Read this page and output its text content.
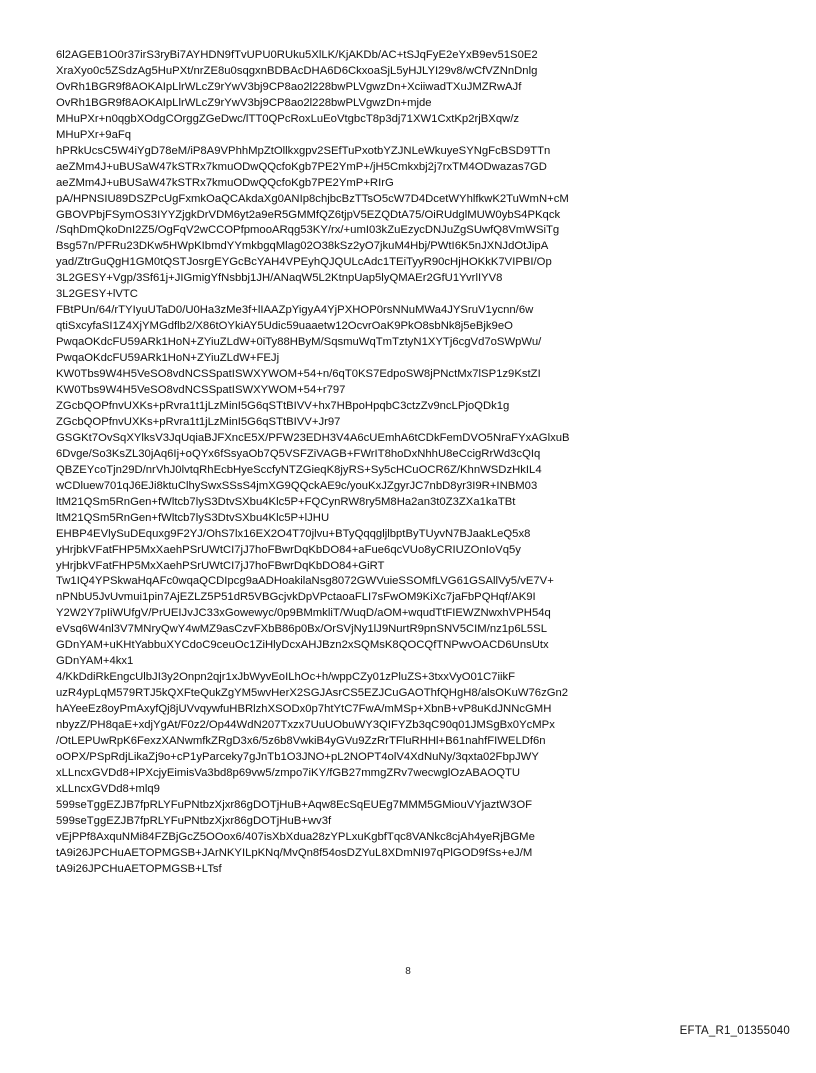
6l2AGEB1O0r37irS3ryBi7AYHDN9fTvUPU0RUku5XlLK/KjAKDb/AC+tSJqFyE2eYxB9ev51S0E2
XraXyo0c5ZSdzAg5HuPXt/nrZE8u0sqgxnBDBAcDHA6D6CkxoaSjL5yHJLYI29v8/wCfVZNnDnlg
OvRh1BGR9f8AOKAIpLlrWLcZ9rYwV3bj9CP8ao2l228bwPLVgwzDn+XciiwadTXuJMZRwAJf
OvRh1BGR9f8AOKAIpLlrWLcZ9rYwV3bj9CP8ao2l228bwPLVgwzDn+mjde
MHuPXr+n0qgbXOdgCOrggZGeDwc/lTT0QPcRoxLuEoVtgbcT8p3dj71XW1CxtKp2rjBXqw/z
MHuPXr+9aFq
hPRkUcsC5W4iYgD78eM/iP8A9VPhhMpZtOllkxgpv2SEfTuPxotbYZJNLeWkuyeSYNgFcBSD9TTn
aeZMm4J+uBUSaW47kSTRx7kmuODwQQcfoKgb7PE2YmP+/jH5Cmkxbj2j7rxTM4ODwazas7GD
aeZMm4J+uBUSaW47kSTRx7kmuODwQQcfoKgb7PE2YmP+RIrG
pA/HPNSIU89DSZPcUgFxmkOaQCAkdaXg0ANIp8chjbcBzTTsO5cW7D4DcetWYhlfkwK2TuWmN+cM
GBOVPbjFSymOS3IYYZjgkDrVDM6yt2a9eR5GMMfQZ6tjpV5EZQDtA75/OiRUdglMUW0ybS4PKqck
/SqhDmQkoDnI2Z5/OgFqV2wCCOPfpmooARqg53KY/rx/+umI03kZuEzycDNJuZgSUwfQ8VmWSiTg
Bsg57n/PFRu23DKw5HWpKIbmdYYmkbgqMlag02O38kSz2yO7jkuM4Hbj/PWtI6K5nJXNJdOtJipA
yad/ZtrGuQgH1GM0tQSTJosrgEYGcBcYAH4VPEyhQJQULcAdc1TEiTyyR90cHjHOKkK7VIPBI/Op
3L2GESY+Vgp/3Sf61j+JIGmigYfNsbbj1JH/ANaqW5L2KtnpUap5lyQMAEr2GfU1YvrlIYV8
3L2GESY+lVTC
FBtPUn/64/rTYIyuUTaD0/U0Ha3zMe3f+lIAAZpYigyA4YjPXHOP0rsNNuMWa4JYSruV1ycnn/6w
qtiSxcyfaSI1Z4XjYMGdflb2/X86tOYkiAY5Udic59uaaetw12OcvrOaK9PkO8sbNk8j5eBjk9eO
PwqaOKdcFU59ARk1HoN+ZYiuZLdW+0iTy88HByM/SqsmuWqTmTztyN1XYTj6cgVd7oSWpWu/
PwqaOKdcFU59ARk1HoN+ZYiuZLdW+FEJj
KW0Tbs9W4H5VeSO8vdNCSSpatISWXYWOM+54+n/6qT0KS7EdpoSW8jPNctMx7lSP1z9KstZI
KW0Tbs9W4H5VeSO8vdNCSSpatISWXYWOM+54+r797
ZGcbQOPfnvUXKs+pRvra1t1jLzMinI5G6qSTtBIVV+hx7HBpoHpqbC3ctzZv9ncLPjoQDk1g
ZGcbQOPfnvUXKs+pRvra1t1jLzMinI5G6qSTtBIVV+Jr97
GSGKt7OvSqXYlksV3JqUqiaBJFXncE5X/PFW23EDH3V4A6cUEmhA6tCDkFemDVO5NraFYxAGlxuB
6Dvge/So3KsZL30jAq6Ij+oQYx6fSsyaOb7Q5VSFZiVAGB+FWrIT8hoDxNhhU8eCcigRrWd3cQIq
QBZEYcoTjn29D/nrVhJ0lvtqRhEcbHyeSccfyNTZGieqK8jyRS+Sy5cHCuOCR6Z/KhnWSDzHkIL4
wCDluew701qJ6EJi8ktuClhySwxSSsS4jmXG9QQckAE9c/youKxJZgyrJC7nbD8yr3I9R+INBM03
ltM21QSm5RnGen+fWltcb7lyS3DtvSXbu4Klc5P+FQCynRW8ry5M8Ha2an3t0Z3ZXa1kaTBt
ltM21QSm5RnGen+fWltcb7lyS3DtvSXbu4Klc5P+lJHU
EHBP4EVlySuDEquxg9F2YJ/OhS7lx16EX2O4T70jlvu+BTyQqqgljlbptByTUyvN7BJaakLeQ5x8
yHrjbkVFatFHP5MxXaehPSrUWtCI7jJ7hoFBwrDqKbDO84+aFue6qcVUo8yCRIUZOnIoVq5y
yHrjbkVFatFHP5MxXaehPSrUWtCI7jJ7hoFBwrDqKbDO84+GiRT
Tw1IQ4YPSkwaHqAFc0wqaQCDIpcg9aADHoakilaNsg8072GWVuieSSOMfLVG61GSAllVy5/vE7V+
nPNbU5JvUvmui1pin7AjEZLZ5P51dR5VBGcjvkDpVPctaoaFLI7sFwOM9KiXc7jaFbPQHqf/AK9I
Y2W2Y7pIiWUfgV/PrUEIJvJC33xGowewyc/0p9BMmkliT/WuqD/aOM+wqudTtFIEWZNwxhVPH54q
eVsq6W4nl3V7MNryQwY4wMZ9asCzvFXbB86p0Bx/OrSVjNy1lJ9NurtR9pnSNV5CIM/nz1p6L5SL
GDnYAM+uKHtYabbuXYCdoC9ceuOc1ZiHlyDcxAHJBzn2xSQMsK8QOCQfTNPwvOACD6UnsUtx
GDnYAM+4kx1
4/KkDdiRkEngcUlbJI3y2Onpn2qjr1xJbWyvEoILhOc+h/wppCZy01zPluZS+3txxVyO01C7iikF
uzR4ypLqM579RTJ5kQXFteQukZgYM5wvHerX2SGJAsrCS5EZJCuGAOThfQHgH8/alsOKuW76zGn2
hAYeeEz8oyPmAxyfQj8jUVvqywfuHBRlzhXSODx0p7htYtC7FwA/mMSp+XbnB+vP8uKdJNNcGMH
nbyzZ/PH8qaE+xdjYgAt/F0z2/Op44WdN207Txzx7UuUObuWY3QIFYZb3qC90q01JMSgBx0YcMPx
/OtLEPUwRpK6FexzXANwmfkZRgD3x6/5z6b8VwkiB4yGVu9ZzRrTFluRHHl+B61nahfFIWELDf6n
oOPX/PSpRdjLikaZj9o+cP1yParceky7gJnTb1O3JNO+pL2NOPT4olV4XdNuNy/3qxta02FbpJWY
xLLncxGVDd8+lPXcjyEimisVa3bd8p69vw5/zmpo7iKY/fGB27mmgZRv7wecwglOzABAOQTU
xLLncxGVDd8+mlq9
599seTggEZJB7fpRLYFuPNtbzXjxr86gDOTjHuB+Aqw8EcSqEUEg7MMM5GMiouVYjaztW3OF
599seTggEZJB7fpRLYFuPNtbzXjxr86gDOTjHuB+wv3f
vEjPPf8AxquNMi84FZBjGcZ5OOox6/407isXbXdua28zYPLxuKgbfTqc8VANkc8cjAh4yeRjBGMe
tA9i26JPCHuAETOPMGSB+JArNKYILpKNq/MvQn8f54osDZYuL8XDmNI97qPlGOD9fSs+eJ/M
tA9i26JPCHuAETOPMGSB+LTsf
8
EFTA_R1_01355040
